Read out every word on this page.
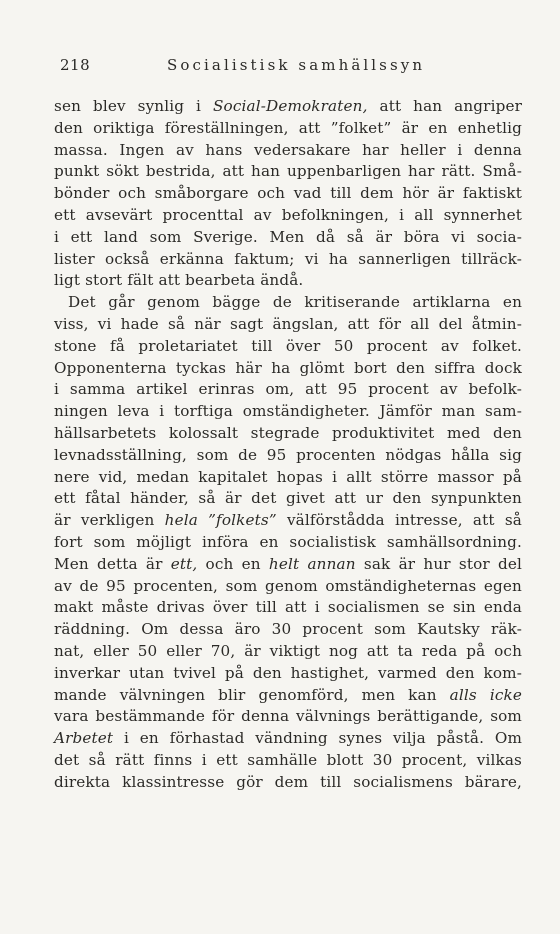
218	Socialistisk samhällssyn
sen blev synlig i Social-Demokraten, att han angriper
den oriktiga föreställningen, att ”folket” är en enhetlig
massa. Ingen av hans vedersakare har heller i denna
punkt sökt bestrida, att han uppenbarligen har rätt. Små-
bönder och småborgare och vad till dem hör är faktiskt
ett avsevärt procenttal av befolkningen, i all synnerhet
i ett land som Sverige. Men då så är böra vi socia-
lister också erkänna faktum; vi ha sannerligen tillräck-
ligt stort fält att bearbeta ändå.
Det går genom bägge de kritiserande artiklarna en
viss, vi hade så när sagt ängslan, att för all del åtmin-
stone få proletariatet till över 50 procent av folket.
Opponenterna tyckas här ha glömt bort den siffra dock
i samma artikel erinras om, att 95 procent av befolk-
ningen leva i torftiga omständigheter. Jämför man sam-
hällsarbetets kolossalt stegrade produktivitet med den
levnadsställning, som de 95 procenten nödgas hålla sig
nere vid, medan kapitalet hopas i allt större massor på
ett fåtal händer, så är det givet att ur den synpunkten
är verkligen hela ”folkets” välförstådda intresse, att så
fort som möjligt införa en socialistisk samhällsordning.
Men detta är ett, och en helt annan sak är hur stor del
av de 95 procenten, som genom omständigheternas egen
makt måste drivas över till att i socialismen se sin enda
räddning. Om dessa äro 30 procent som Kautsky räk-
nat, eller 50 eller 70, är viktigt nog att ta reda på och
inverkar utan tvivel på den hastighet, varmed den kom-
mande välvningen blir genomförd, men kan alls icke
vara bestämmande för denna välvnings berättigande, som
Arbetet i en förhastad vändning synes vilja påstå. Om
det så rätt finns i ett samhälle blott 30 procent, vilkas
direkta klassintresse gör dem till socialismens bärare,
